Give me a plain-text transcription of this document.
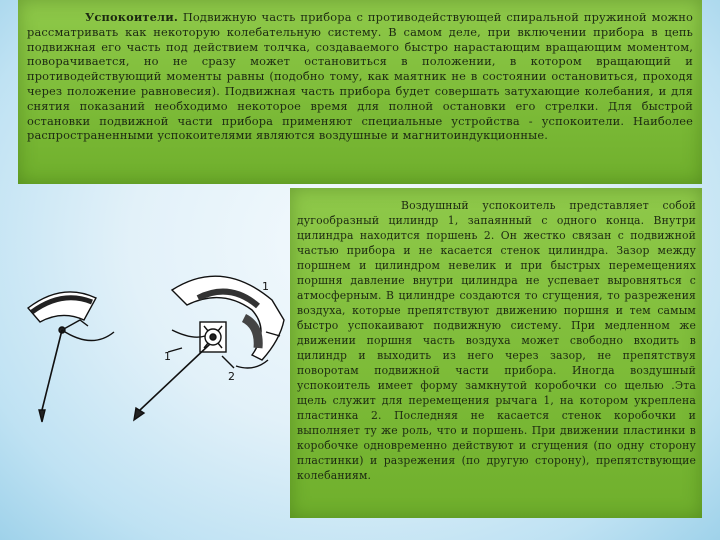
Успокоители. Подвижную часть прибора с противодействующей спиральной пружиной можно рассматривать как некоторую колебательную систему. В самом деле, при включении прибора в цепь подвижная его часть под действием толчка, создаваемого быстро нарастающим вращающим моментом, поворачивается, но не сразу может остановиться в положении, в котором вращающий и противодействующий моменты равны (подобно тому, как маятник не в состоянии остановиться, проходя через положение равновесия). Подвижная часть прибора будет совершать затухающие колебания, и для снятия показаний необходимо некоторое время для полной остановки его стрелки. Для быстрой остановки подвижной части прибора применяют специальные устройства - успокоители. Наиболее распространенными успокоителями являются воздушные и магнитоиндукционные.
Воздушный успокоитель представляет собой дугообразный цилиндр 1, запаянный с одного конца. Внутри цилиндра находится поршень 2. Он жестко связан с подвижной частью прибора и не касается стенок цилиндра. Зазор между поршнем и цилиндром невелик и при быстрых перемещениях поршня давление внутри цилиндра не успевает выровняться с атмосферным. В цилиндре создаются то сгущения, то разрежения воздуха, которые препятствуют движению поршня и тем самым быстро успокаивают подвижную систему. При медленном же движении поршня часть воздуха может свободно входить в цилиндр и выходить из него через зазор, не препятствуя поворотам подвижной части прибора. Иногда воздушный успокоитель имеет форму замкнутой коробочки со щелью .Эта щель служит для перемещения рычага 1, на котором укреплена пластинка 2. Последняя не касается стенок коробочки и выполняет ту же роль, что и поршень. При движении пластинки в коробочке одновременно действуют и сгущения (по одну сторону пластинки) и разрежения (по другую сторону), препятствующие колебаниям.
1
2
1
